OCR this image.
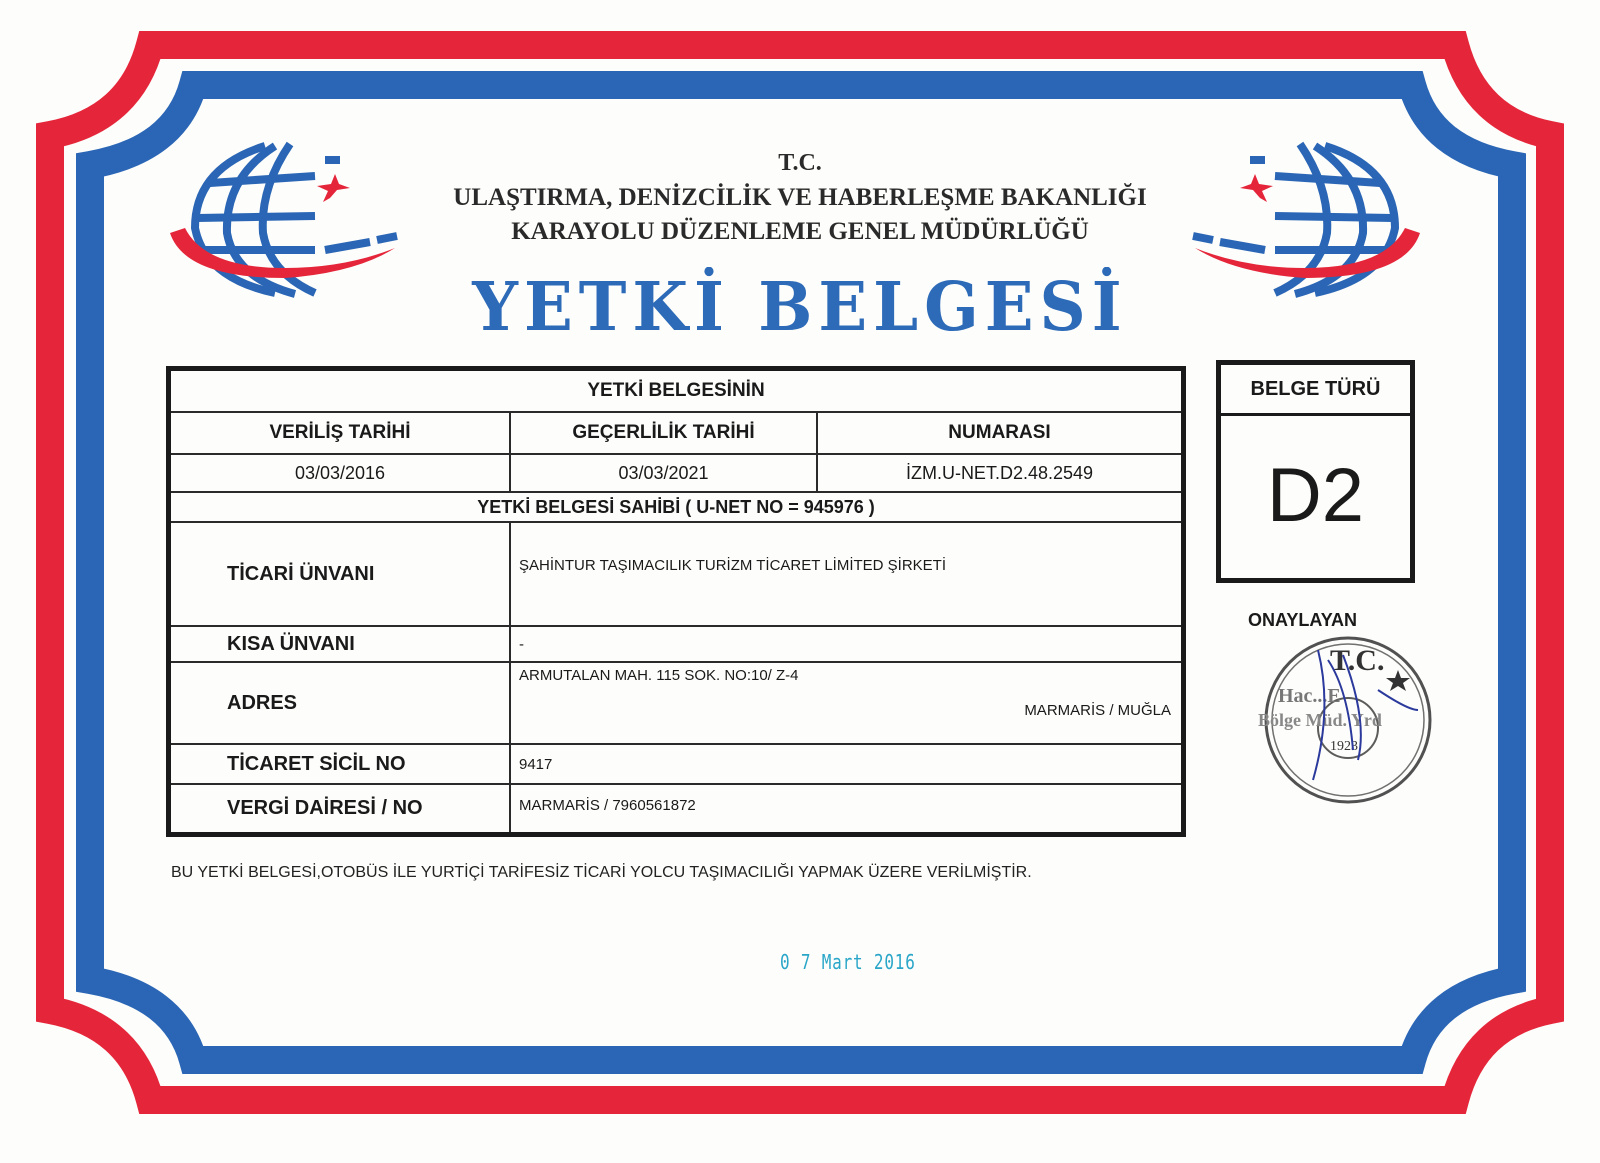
T.C.
ULAŞTIRMA, DENİZCİLİK VE HABERLEŞME BAKANLIĞI
KARAYOLU DÜZENLEME GENEL MÜDÜRLÜĞÜ
YETKİ BELGESİ
YETKİ BELGESİNİN		
VERİLİŞ TARİHİ	GEÇERLİLİK TARİHİ	NUMARASI
03/03/2016	03/03/2021	İZM.U-NET.D2.48.2549
YETKİ BELGESİ SAHİBİ ( U-NET NO = 945976 )		
TİCARİ ÜNVANI	ŞAHİNTUR TAŞIMACILIK TURİZM TİCARET LİMİTED ŞİRKETİ	
KISA ÜNVANI	-	
ADRES	ARMUTALAN MAH. 115 SOK. NO:10/ Z-4
MARMARİS / MUĞLA	

TİCARET SİCİL NO	9417	
VERGİ DAİRESİ / NO	MARMARİS / 7960561872	
BELGE TÜRÜ
D2
ONAYLAYAN
T.C.
1923
Hac...E
Bölge Müd. Yrd
BU YETKİ BELGESİ,OTOBÜS İLE YURTİÇİ TARİFESİZ TİCARİ YOLCU TAŞIMACILIĞI YAPMAK ÜZERE VERİLMİŞTİR.
0 7 Mart 2016
